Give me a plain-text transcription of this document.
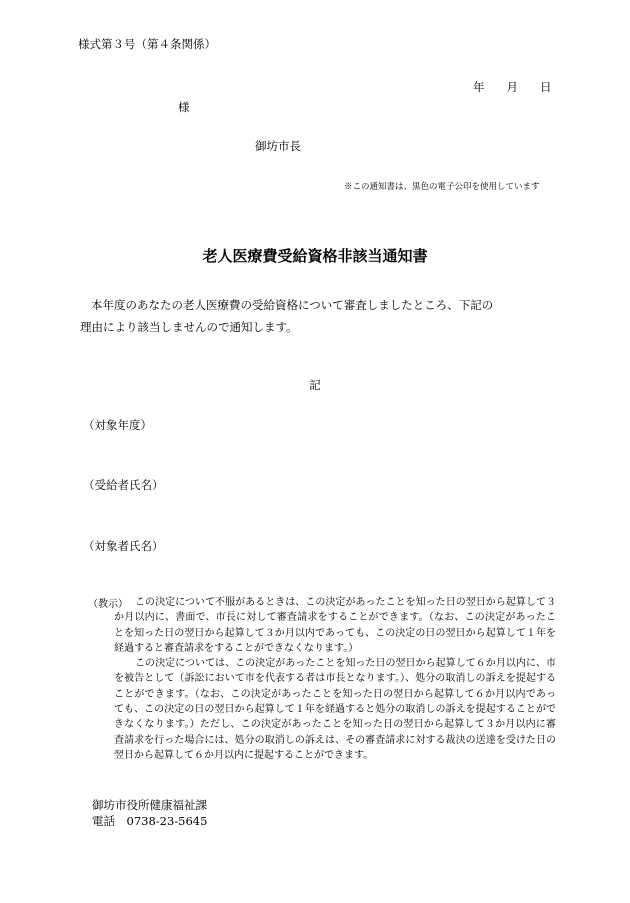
様式第３号（第４条関係）
年 月 日
様
御坊市長
※この通知書は、黒色の電子公印を使用しています
老人医療費受給資格非該当通知書
本年度のあなたの老人医療費の受給資格について審査しましたところ、下記の
理由により該当しませんので通知します。
記
（対象年度）
（受給者氏名）
（対象者氏名）
（教示） この決定について不服があるときは、この決定があったことを知った日の翌日から起算して３か月以内に、書面で、市長に対して審査請求をすることができます。（なお、この決定があったことを知った日の翌日から起算して３か月以内であっても、この決定の日の翌日から起算して１年を経過すると審査請求をすることができなくなります。）

この決定については、この決定があったことを知った日の翌日から起算して６か月以内に、市を被告として（訴訟において市を代表する者は市長となります。）、処分の取消しの訴えを提起することができます。（なお、この決定があったことを知った日の翌日から起算して６か月以内であっても、この決定の日の翌日から起算して１年を経過すると処分の取消しの訴えを提起することができなくなります。）ただし、この決定があったことを知った日の翌日から起算して３か月以内に審査請求を行った場合には、処分の取消しの訴えは、その審査請求に対する裁決の送達を受けた日の翌日から起算して６か月以内に提起することができます。

御坊市役所健康福祉課
電話　0738-23-5645
